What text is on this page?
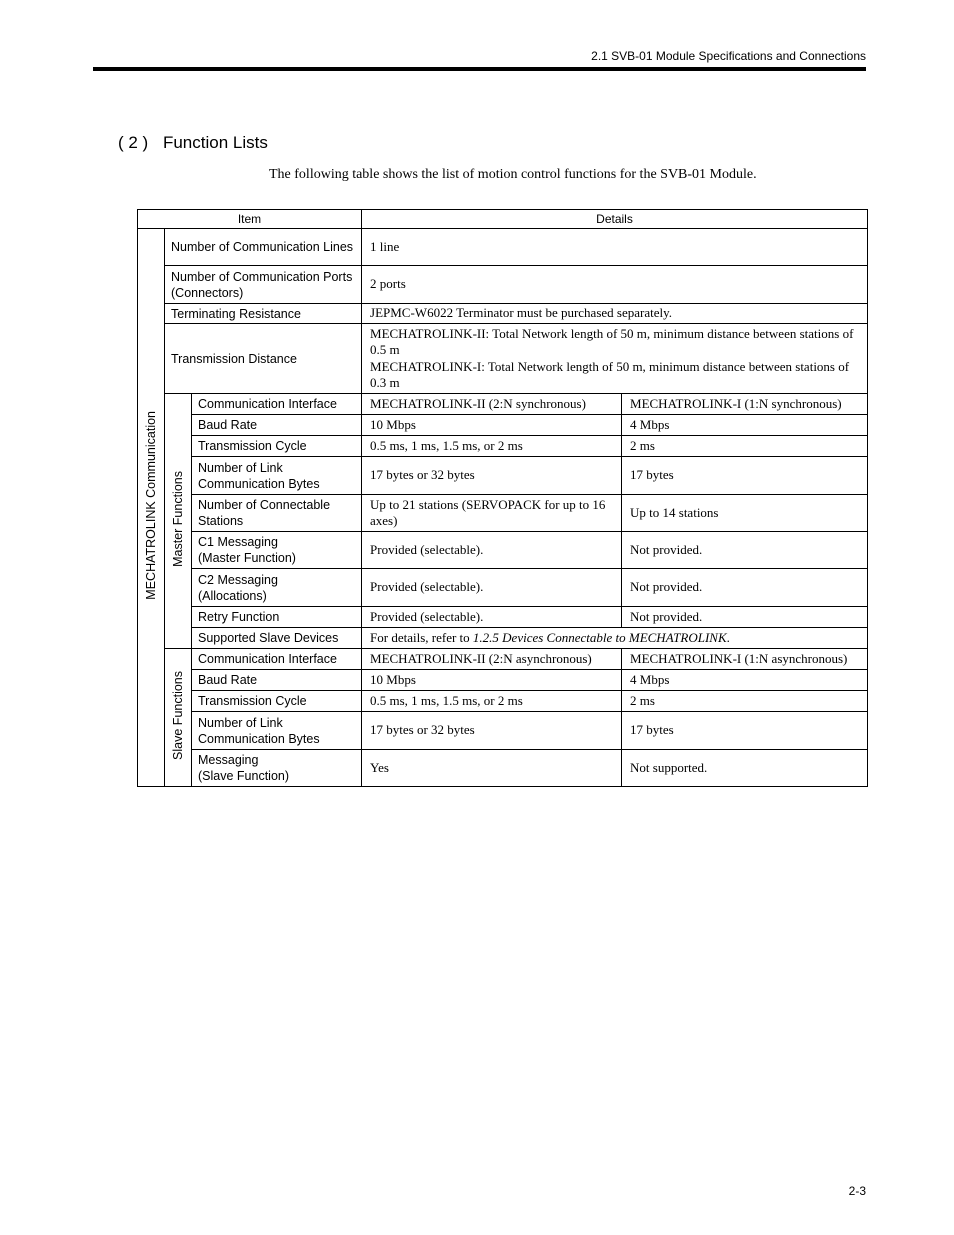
2.1 SVB-01 Module Specifications and Connections
( 2 ) Function Lists
The following table shows the list of motion control functions for the SVB-01 Module.
Item			Details	
MECHATROLINK Communication	Number of Communication Lines		1 line	
	Number of Communication Ports (Connectors)		2 ports	
	Terminating Resistance		JEPMC-W6022 Terminator must be purchased separately.	
	Transmission Distance		MECHATROLINK-II: Total Network length of 50 m, minimum distance between stations of 0.5 m
MECHATROLINK-I: Total Network length of 50 m, minimum distance between stations of 0.3 m	

	Master Functions	Communication Interface	MECHATROLINK-II (2:N synchronous)	MECHATROLINK-I (1:N synchronous)
		Baud Rate	10 Mbps	4 Mbps
		Transmission Cycle	0.5 ms, 1 ms, 1.5 ms, or 2 ms	2 ms
		Number of Link Communication Bytes	17 bytes or 32 bytes	17 bytes
		Number of Connectable Stations	Up to 21 stations (SERVOPACK for up to 16 axes)	Up to 14 stations

		C1 Messaging
(Master Function)	Provided (selectable).	Not provided.

		C2 Messaging
(Allocations)	Provided (selectable).	Not provided.
		Retry Function	Provided (selectable).	Not provided.
		Supported Slave Devices	For details, refer to 1.2.5 Devices Connectable to MECHATROLINK.	
	Slave Functions	Communication Interface	MECHATROLINK-II (2:N asynchronous)	MECHATROLINK-I (1:N asynchronous)
		Baud Rate	10 Mbps	4 Mbps
		Transmission Cycle	0.5 ms, 1 ms, 1.5 ms, or 2 ms	2 ms
		Number of Link Communication Bytes	17 bytes or 32 bytes	17 bytes

		Messaging
(Slave Function)	Yes	Not supported.
2-3
